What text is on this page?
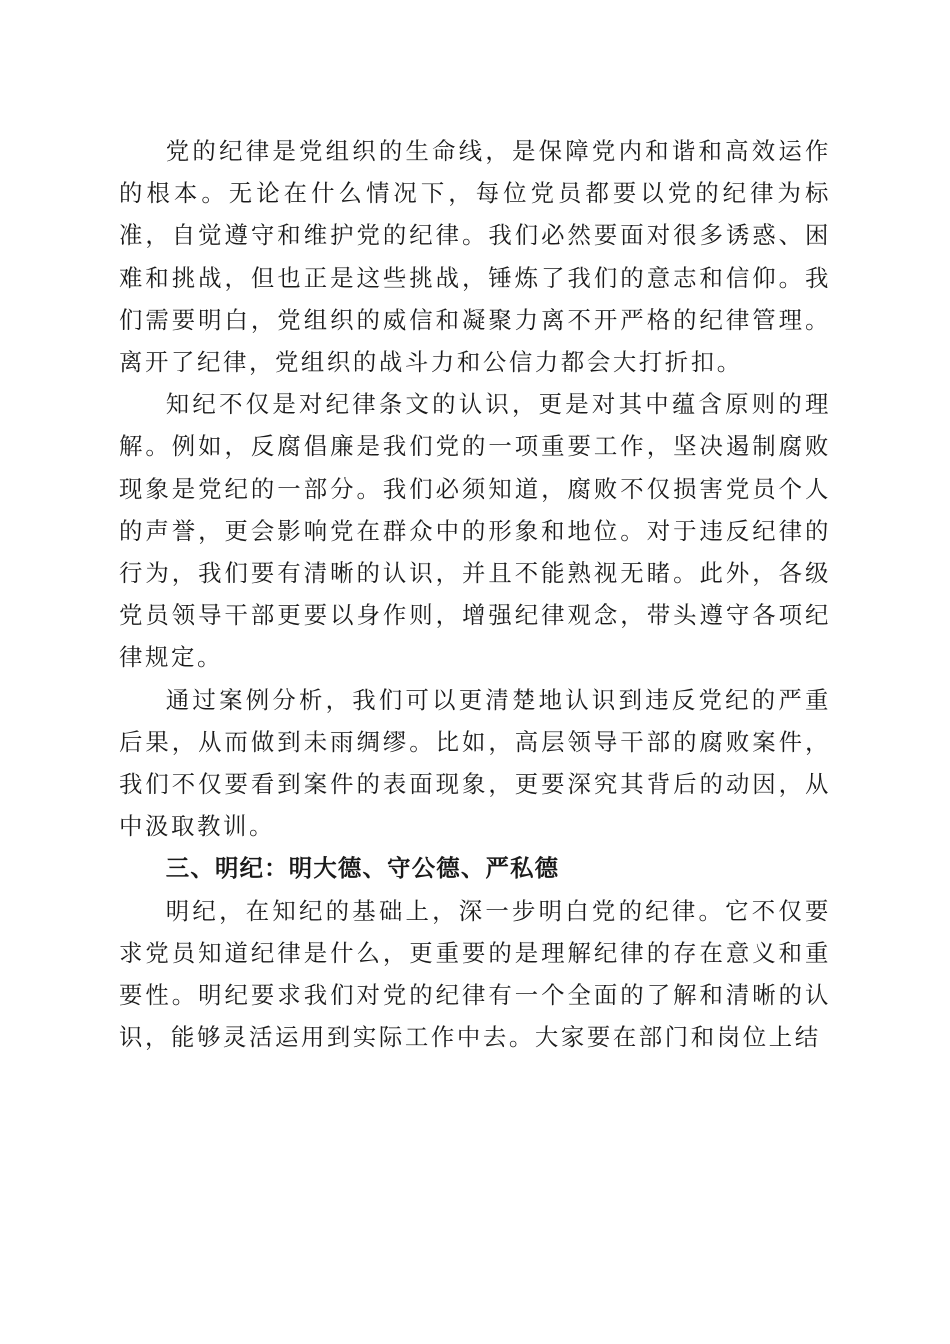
党的纪律是党组织的生命线，是保障党内和谐和高效运作的根本。无论在什么情况下，每位党员都要以党的纪律为标准，自觉遵守和维护党的纪律。我们必然要面对很多诱惑、困难和挑战，但也正是这些挑战，锤炼了我们的意志和信仰。我们需要明白，党组织的威信和凝聚力离不开严格的纪律管理。离开了纪律，党组织的战斗力和公信力都会大打折扣。

知纪不仅是对纪律条文的认识，更是对其中蕴含原则的理解。例如，反腐倡廉是我们党的一项重要工作，坚决遏制腐败现象是党纪的一部分。我们必须知道，腐败不仅损害党员个人的声誉，更会影响党在群众中的形象和地位。对于违反纪律的行为，我们要有清晰的认识，并且不能熟视无睹。此外，各级党员领导干部更要以身作则，增强纪律观念，带头遵守各项纪律规定。

通过案例分析，我们可以更清楚地认识到违反党纪的严重后果，从而做到未雨绸缪。比如，高层领导干部的腐败案件，我们不仅要看到案件的表面现象，更要深究其背后的动因，从中汲取教训。

三、明纪：明大德、守公德、严私德

明纪，在知纪的基础上，深一步明白党的纪律。它不仅要求党员知道纪律是什么，更重要的是理解纪律的存在意义和重要性。明纪要求我们对党的纪律有一个全面的了解和清晰的认识，能够灵活运用到实际工作中去。大家要在部门和岗位上结
